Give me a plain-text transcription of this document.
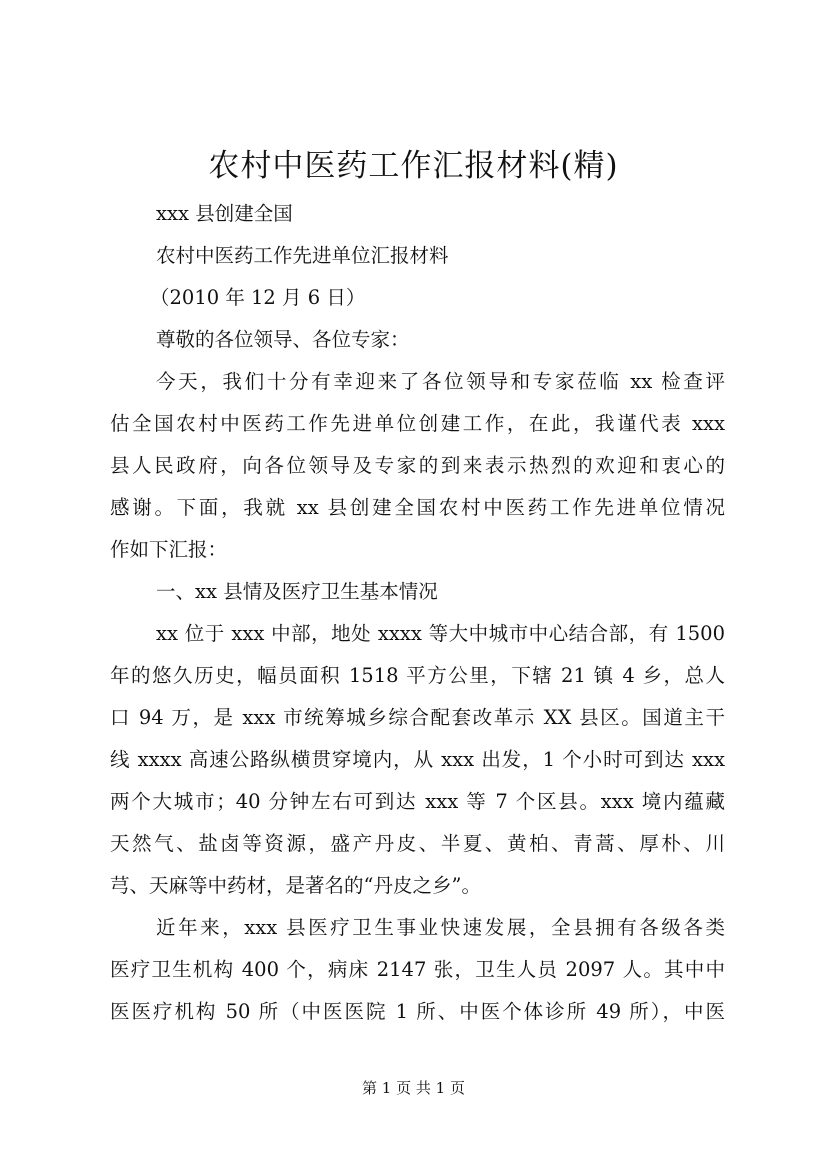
农村中医药工作汇报材料(精)
xxx 县创建全国
农村中医药工作先进单位汇报材料
（2010 年 12 月 6 日）
尊敬的各位领导、各位专家：
今天，我们十分有幸迎来了各位领导和专家莅临 xx 检查评
估全国农村中医药工作先进单位创建工作，在此，我谨代表 xxx
县人民政府，向各位领导及专家的到来表示热烈的欢迎和衷心的
感谢。下面，我就 xx 县创建全国农村中医药工作先进单位情况
作如下汇报：
一、xx 县情及医疗卫生基本情况
xx 位于 xxx 中部，地处 xxxx 等大中城市中心结合部，有 1500
年的悠久历史，幅员面积 1518 平方公里，下辖 21 镇 4 乡，总人
口 94 万，是 xxx 市统筹城乡综合配套改革示 XX 县区。国道主干
线 xxxx 高速公路纵横贯穿境内，从 xxx 出发，1 个小时可到达 xxx
两个大城市；40 分钟左右可到达 xxx 等 7 个区县。xxx 境内蕴藏
天然气、盐卤等资源，盛产丹皮、半夏、黄柏、青蒿、厚朴、川
芎、天麻等中药材，是著名的“丹皮之乡”。
近年来，xxx 县医疗卫生事业快速发展，全县拥有各级各类
医疗卫生机构 400 个，病床 2147 张，卫生人员 2097 人。其中中
医医疗机构 50 所（中医医院 1 所、中医个体诊所 49 所），中医
第 1 页 共 1 页
